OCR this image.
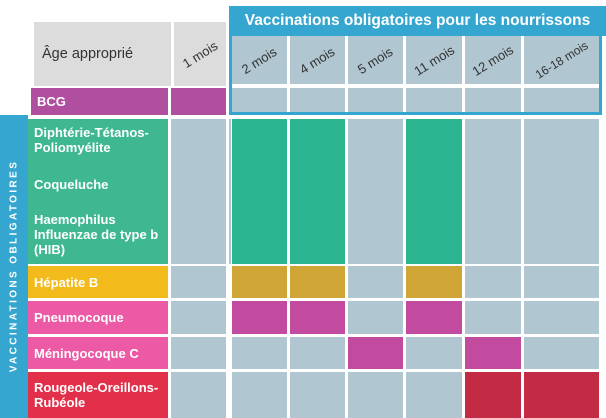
Âge approprié	1 mois
Vaccinations obligatoires pour les nourrissons
2 mois 4 mois 5 mois 11 mois 12 mois 16-18 mois
BCG
VACCINATIONS OBLIGATOIRES
Diphtérie-Tétanos-Poliomyélite
Coqueluche
Haemophilus Influenzae de type b (HIB)
Hépatite B
Pneumocoque
Méningocoque C
Rougeole-Oreillons-Rubéole
